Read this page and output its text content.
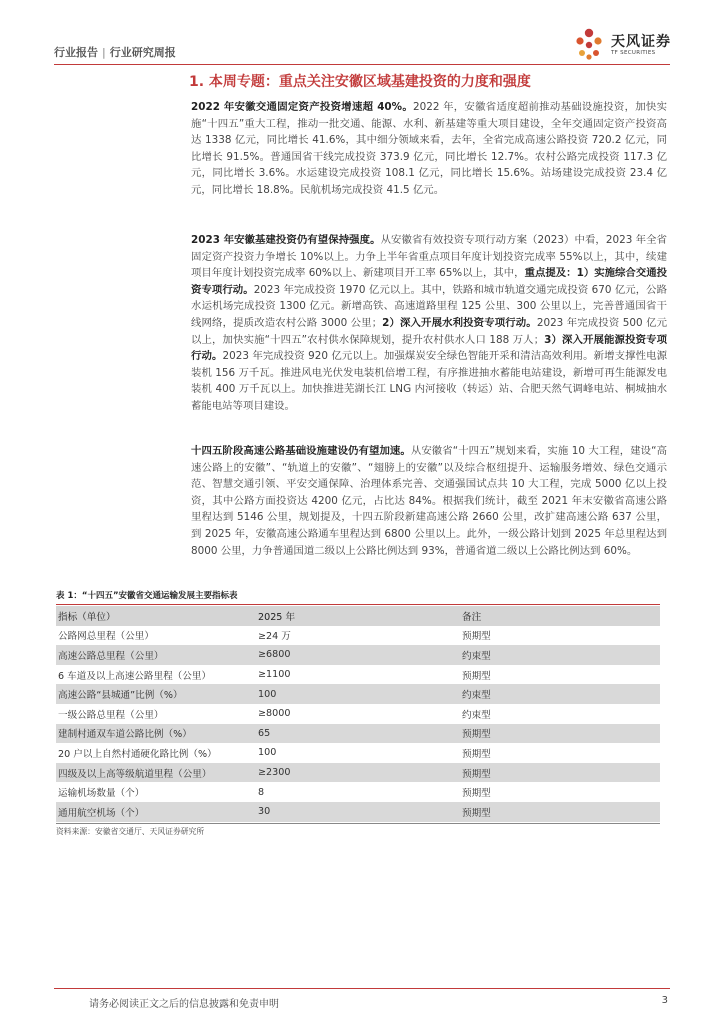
行业报告 | 行业研究周报
天风证券
TF SECURITIES
1. 本周专题：重点关注安徽区域基建投资的力度和强度

2022 年安徽交通固定资产投资增速超 40%。2022 年，安徽省适度超前推动基础设施投资，加快实施“十四五”重大工程，推动一批交通、能源、水利、新基建等重大项目建设，全年交通固定资产投资高达 1338 亿元，同比增长 41.6%，其中细分领域来看，去年，全省完成高速公路投资 720.2 亿元，同比增长 91.5%。普通国省干线完成投资 373.9 亿元，同比增长 12.7%。农村公路完成投资 117.3 亿元，同比增长 3.6%。水运建设完成投资 108.1 亿元，同比增长 15.6%。站场建设完成投资 23.4 亿元，同比增长 18.8%。民航机场完成投资 41.5 亿元。

2023 年安徽基建投资仍有望保持强度。从安徽省有效投资专项行动方案（2023）中看，2023 年全省固定资产投资力争增长 10%以上。力争上半年省重点项目年度计划投资完成率 55%以上，其中，续建项目年度计划投资完成率 60%以上、新建项目开工率 65%以上，其中，重点提及：1）实施综合交通投资专项行动。2023 年完成投资 1970 亿元以上。其中，铁路和城市轨道交通完成投资 670 亿元，公路水运机场完成投资 1300 亿元。新增高铁、高速道路里程 125 公里、300 公里以上，完善普通国省干线网络，提质改造农村公路 3000 公里；2）深入开展水利投资专项行动。2023 年完成投资 500 亿元以上，加快实施“十四五”农村供水保障规划，提升农村供水人口 188 万人；3）深入开展能源投资专项行动。2023 年完成投资 920 亿元以上。加强煤炭安全绿色智能开采和清洁高效利用。新增支撑性电源装机 156 万千瓦。推进风电光伏发电装机倍增工程，有序推进抽水蓄能电站建设，新增可再生能源发电装机 400 万千瓦以上。加快推进芜湖长江 LNG 内河接收（转运）站、合肥天然气调峰电站、桐城抽水蓄能电站等项目建设。

十四五阶段高速公路基础设施建设仍有望加速。从安徽省“十四五”规划来看，实施 10 大工程，建设“高速公路上的安徽”、“轨道上的安徽”、“翅膀上的安徽”以及综合枢纽提升、运输服务增效、绿色交通示范、智慧交通引领、平安交通保障、治理体系完善、交通强国试点共 10 大工程，完成 5000 亿以上投资，其中公路方面投资达 4200 亿元，占比达 84%。根据我们统计，截至 2021 年末安徽省高速公路里程达到 5146 公里，规划提及，十四五阶段新建高速公路 2660 公里，改扩建高速公路 637 公里，到 2025 年，安徽高速公路通车里程达到 6800 公里以上。此外，一级公路计划到 2025 年总里程达到 8000 公里，力争普通国道二级以上公路比例达到 93%，普通省道二级以上公路比例达到 60%。

表 1：“十四五”安徽省交通运输发展主要指标表
指标（单位）	2025 年	备注
公路网总里程（公里）	≥24 万	预期型
高速公路总里程（公里）	≥6800	约束型
6 车道及以上高速公路里程（公里）	≥1100	预期型
高速公路“县城通”比例（%）	100	约束型
一级公路总里程（公里）	≥8000	约束型
建制村通双车道公路比例（%）	65	预期型
20 户以上自然村通硬化路比例（%）	100	预期型
四级及以上高等级航道里程（公里）	≥2300	预期型
运输机场数量（个）	8	预期型
通用航空机场（个）	30	预期型
资料来源：安徽省交通厅、天风证券研究所
请务必阅读正文之后的信息披露和免责申明	3
